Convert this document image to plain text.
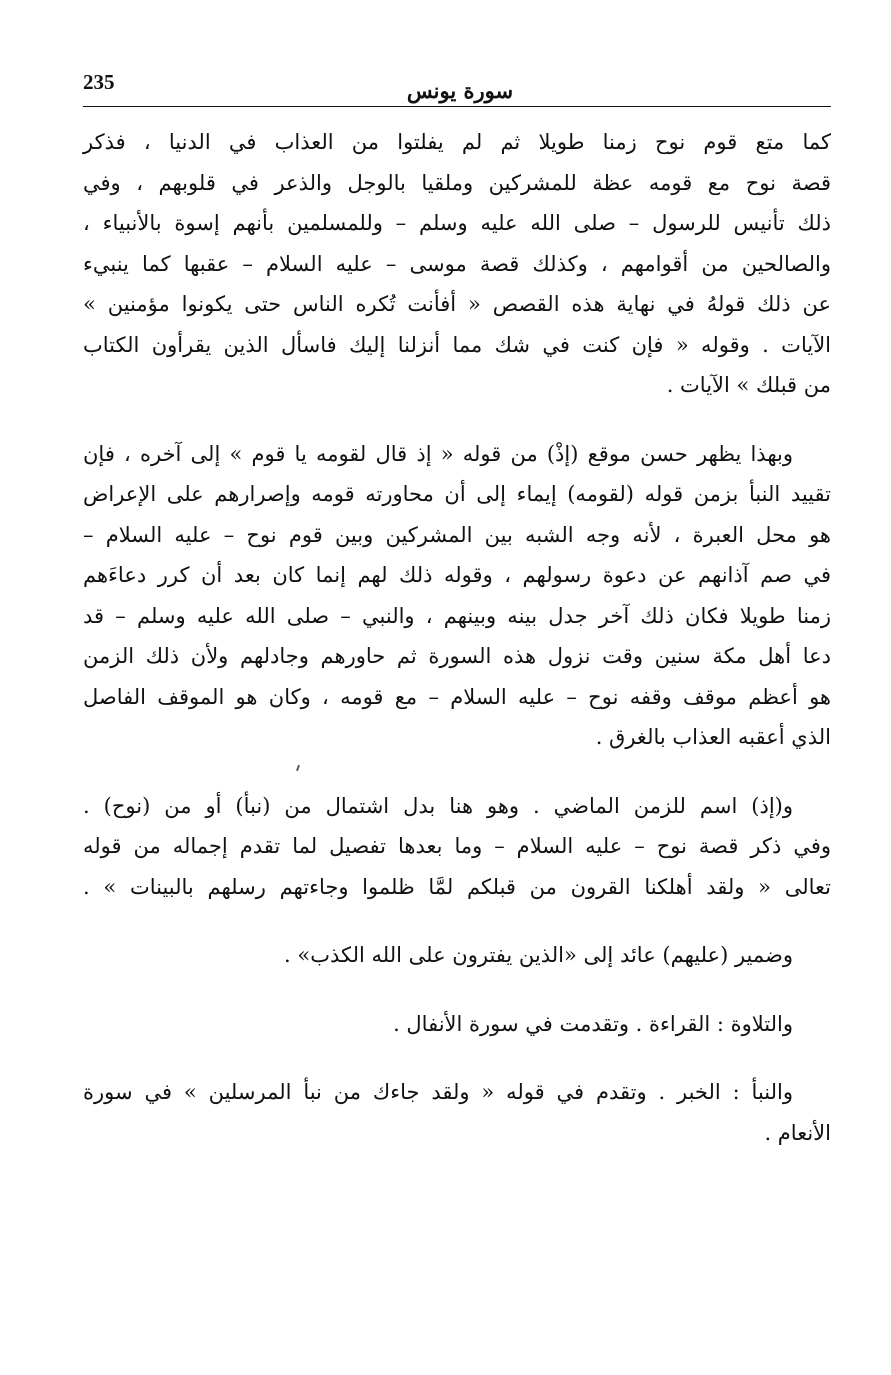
235	سورة يونس

كما متع قوم نوح زمنا طويلا ثم لم يفلتوا من العذاب في الدنيا ، فذكر
قصة نوح مع قومه عظة للمشركين وملقيا بالوجل والذعر في قلوبهم ، وفي
ذلك تأنيس للرسول – صلى الله عليه وسلم – وللمسلمين بأنهم إسوة بالأنبياء ،
والصالحين من أقوامهم ، وكذلك قصة موسى – عليه السلام – عقبها كما ينبيء
عن ذلك قولهُ في نهاية هذه القصص « أفأنت تُكره الناس حتى يكونوا مؤمنين »
الآيات . وقوله « فإن كنت في شك مما أنزلنا إليك فاسأل الذين يقرأون الكتاب
من قبلك » الآيات .

وبهذا يظهر حسن موقع (إذْ) من قوله « إذ قال لقومه يا قوم » إلى آخره ، فإن
تقييد النبأ بزمن قوله (لقومه) إيماء إلى أن محاورته قومه وإصرارهم على الإعراض
هو محل العبرة ، لأنه وجه الشبه بين المشركين وبين قوم نوح – عليه السلام –
في صم آذانهم عن دعوة رسولهم ، وقوله ذلك لهم إنما كان بعد أن كرر دعاءَهم
زمنا طويلا فكان ذلك آخر جدل بينه وبينهم ، والنبي – صلى الله عليه وسلم – قد
دعا أهل مكة سنين وقت نزول هذه السورة ثم حاورهم وجادلهم ولأن ذلك الزمن
هو أعظم موقف وقفه نوح – عليه السلام – مع قومه ، وكان هو الموقف الفاصل
الذي أعقبه العذاب بالغرق .

و(إذ) اسم للزمن الماضي . وهو هنا بدل اشتمال من (نبأ) أو من (نوح) .
وفي ذكر قصة نوح – عليه السلام – وما بعدها تفصيل لما تقدم إجماله من قوله
تعالى « ولقد أهلكنا القرون من قبلكم لمَّا ظلموا وجاءتهم رسلهم بالبينات » .

وضمير (عليهم) عائد إلى «الذين يفترون على الله الكذب» .

والتلاوة : القراءة . وتقدمت في سورة الأنفال .

والنبأ : الخبر . وتقدم في قوله « ولقد جاءك من نبأ المرسلين » في سورة
الأنعام .
